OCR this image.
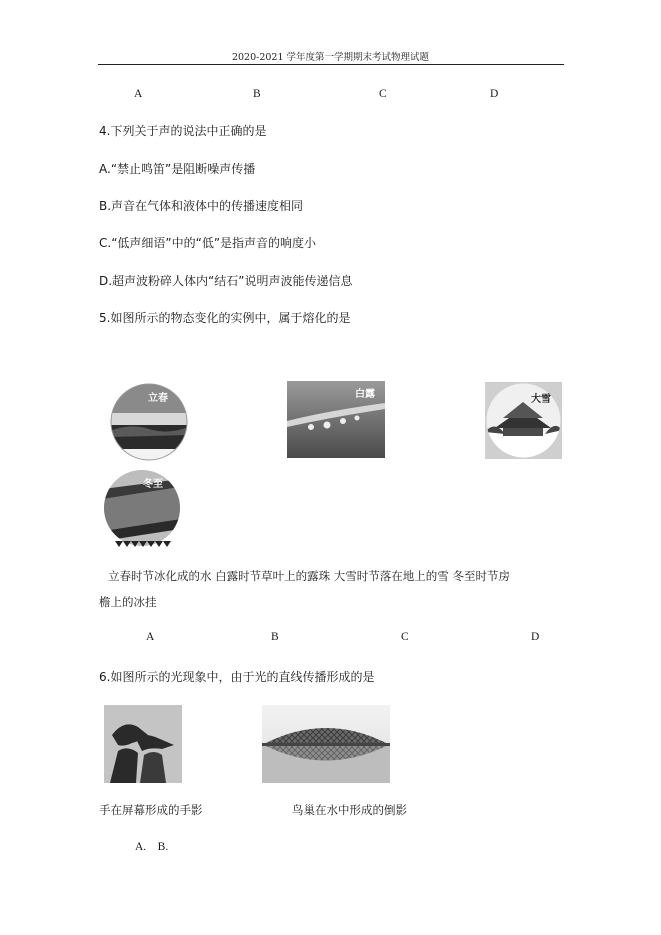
2020-2021 学年度第一学期期末考试物理试题
A	B	C	D
4.下列关于声的说法中正确的是
A.“禁止鸣笛”是阻断噪声传播
B.声音在气体和液体中的传播速度相同
C.“低声细语”中的“低”是指声音的响度小
D.超声波粉碎人体内“结石”说明声波能传递信息
5.如图所示的物态变化的实例中，属于熔化的是
立春	白露	大雪
冬至
立春时节冰化成的水 白露时节草叶上的露珠 大雪时节落在地上的雪 冬至时节房
檐上的冰挂
A	B	C	D
6.如图所示的光现象中，由于光的直线传播形成的是
手在屏幕形成的手影	鸟巢在水中形成的倒影
A.    B.
